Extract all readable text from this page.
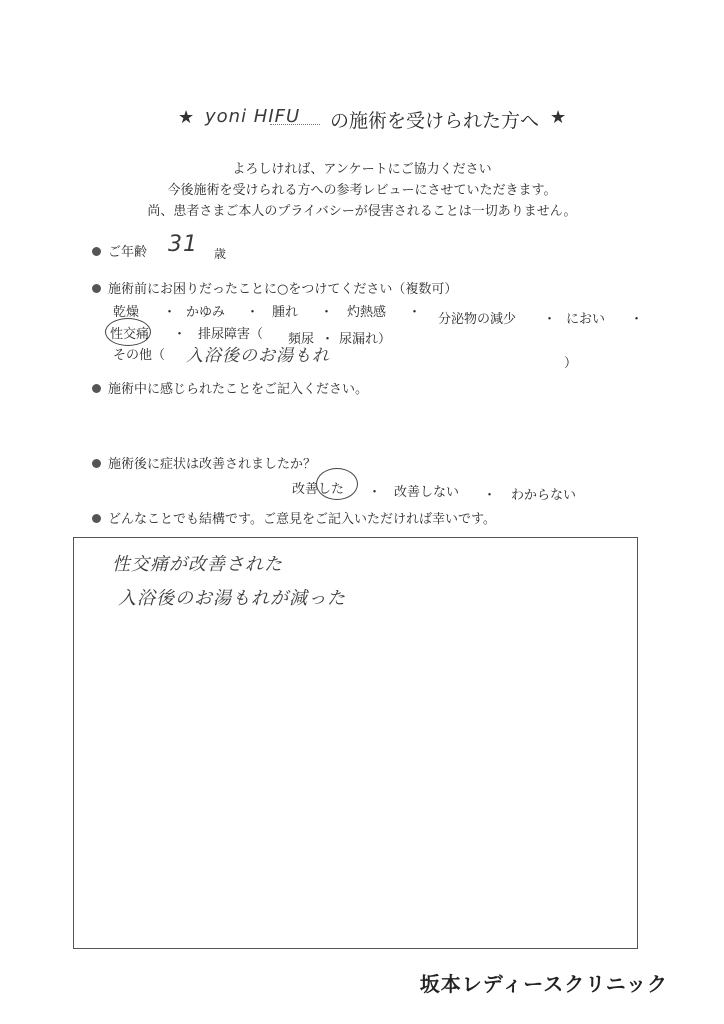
★ yoni HIFU の施術を受けられた方へ ★
よろしければ、アンケートにご協力ください
今後施術を受けられる方への参考レビューにさせていただきます。
尚、患者さまご本人のプライバシーが侵害されることは一切ありません。
ご年齢 31 歳
施術前にお困りだったことに○をつけてください（複数可）
乾燥 ・ かゆみ ・ 腫れ ・ 灼熱感 ・ 分泌物の減少 ・ におい ・
性交痛 ・ 排尿障害（ 頻尿 ・ 尿漏れ）
その他（ 入浴後のお湯もれ	）
施術中に感じられたことをご記入ください。
施術後に症状は改善されましたか？
改善した ・ 改善しない ・ わからない
どんなことでも結構です。ご意見をご記入いただければ幸いです。
性交痛が改善された
入浴後のお湯もれが減った
坂本レディースクリニック
